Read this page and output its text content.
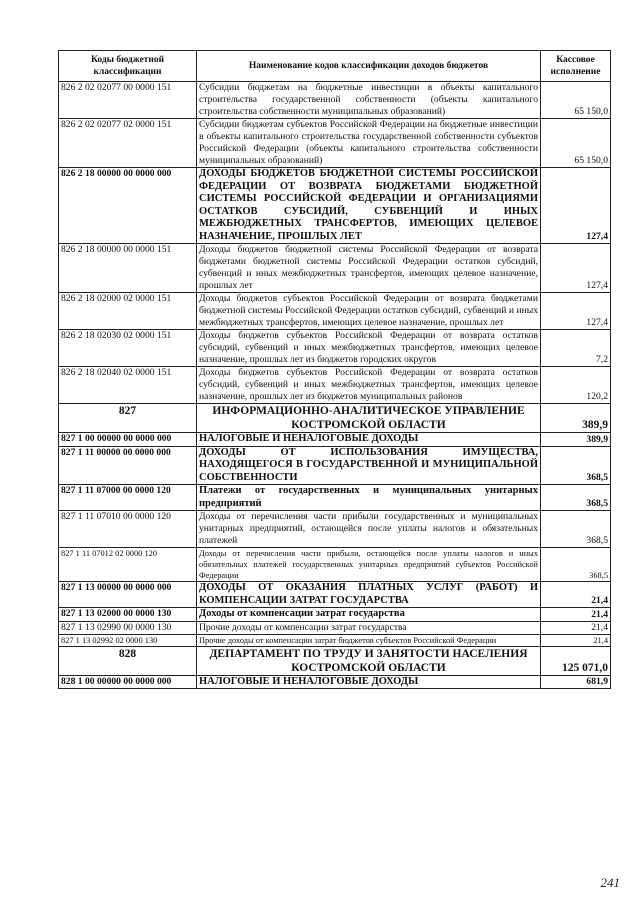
Коды бюджетной классификации	Наименование кодов классификации доходов бюджетов	Кассовое исполнение
826 2 02 02077 00 0000 151	Субсидии бюджетам на бюджетные инвестиции в объекты капитального строительства государственной собственности (объекты капитального строительства собственности муниципальных образований)	65 150,0
826 2 02 02077 02 0000 151	Субсидии бюджетам субъектов Российской Федерации на бюджетные инвестиции в объекты капитального строительства государственной собственности субъектов Российской Федерации (объекты капитального строительства собственности муниципальных образований)	65 150,0
826 2 18 00000 00 0000 000	ДОХОДЫ БЮДЖЕТОВ БЮДЖЕТНОЙ СИСТЕМЫ РОССИЙСКОЙ ФЕДЕРАЦИИ ОТ ВОЗВРАТА БЮДЖЕТАМИ БЮДЖЕТНОЙ СИСТЕМЫ РОССИЙСКОЙ ФЕДЕРАЦИИ И ОРГАНИЗАЦИЯМИ ОСТАТКОВ СУБСИДИЙ, СУБВЕНЦИЙ И ИНЫХ МЕЖБЮДЖЕТНЫХ ТРАНСФЕРТОВ, ИМЕЮЩИХ ЦЕЛЕВОЕ НАЗНАЧЕНИЕ, ПРОШЛЫХ ЛЕТ	127,4
826 2 18 00000 00 0000 151	Доходы бюджетов бюджетной системы Российской Федерации от возврата бюджетами бюджетной системы Российской Федерации остатков субсидий, субвенций и иных межбюджетных трансфертов, имеющих целевое назначение, прошлых лет	127,4
826 2 18 02000 02 0000 151	Доходы бюджетов субъектов Российской Федерации от возврата бюджетами бюджетной системы Российской Федерации остатков субсидий, субвенций и иных межбюджетных трансфертов, имеющих целевое назначение, прошлых лет	127,4
826 2 18 02030 02 0000 151	Доходы бюджетов субъектов Российской Федерации от возврата остатков субсидий, субвенций и иных межбюджетных трансфертов, имеющих целевое назначение, прошлых лет из бюджетов городских округов	7,2
826 2 18 02040 02 0000 151	Доходы бюджетов субъектов Российской Федерации от возврата остатков субсидий, субвенций и иных межбюджетных трансфертов, имеющих целевое назначение, прошлых лет из бюджетов муниципальных районов	120,2
827	ИНФОРМАЦИОННО-АНАЛИТИЧЕСКОЕ УПРАВЛЕНИЕ КОСТРОМСКОЙ ОБЛАСТИ	389,9
827 1 00 00000 00 0000 000	НАЛОГОВЫЕ И НЕНАЛОГОВЫЕ ДОХОДЫ	389,9
827 1 11 00000 00 0000 000	ДОХОДЫ ОТ ИСПОЛЬЗОВАНИЯ ИМУЩЕСТВА, НАХОДЯЩЕГОСЯ В ГОСУДАРСТВЕННОЙ И МУНИЦИПАЛЬНОЙ СОБСТВЕННОСТИ	368,5
827 1 11 07000 00 0000 120	Платежи от государственных и муниципальных унитарных предприятий	368,5
827 1 11 07010 00 0000 120	Доходы от перечисления части прибыли государственных и муниципальных унитарных предприятий, остающейся после уплаты налогов и обязательных платежей	368,5
827 1 11 07012 02 0000 120	Доходы от перечисления части прибыли, остающейся после уплаты налогов и иных обязательных платежей государственных унитарных предприятий субъектов Российской Федерации	368,5
827 1 13 00000 00 0000 000	ДОХОДЫ ОТ ОКАЗАНИЯ ПЛАТНЫХ УСЛУГ (РАБОТ) И КОМПЕНСАЦИИ ЗАТРАТ ГОСУДАРСТВА	21,4
827 1 13 02000 00 0000 130	Доходы от компенсации затрат государства	21,4
827 1 13 02990 00 0000 130	Прочие доходы от компенсации затрат государства	21,4
827 1 13 02992 02 0000 130	Прочие доходы от компенсации затрат бюджетов субъектов Российской Федерации	21,4
828	ДЕПАРТАМЕНТ ПО ТРУДУ И ЗАНЯТОСТИ НАСЕЛЕНИЯ КОСТРОМСКОЙ ОБЛАСТИ	125 071,0
828 1 00 00000 00 0000 000	НАЛОГОВЫЕ И НЕНАЛОГОВЫЕ ДОХОДЫ	681,9
241
